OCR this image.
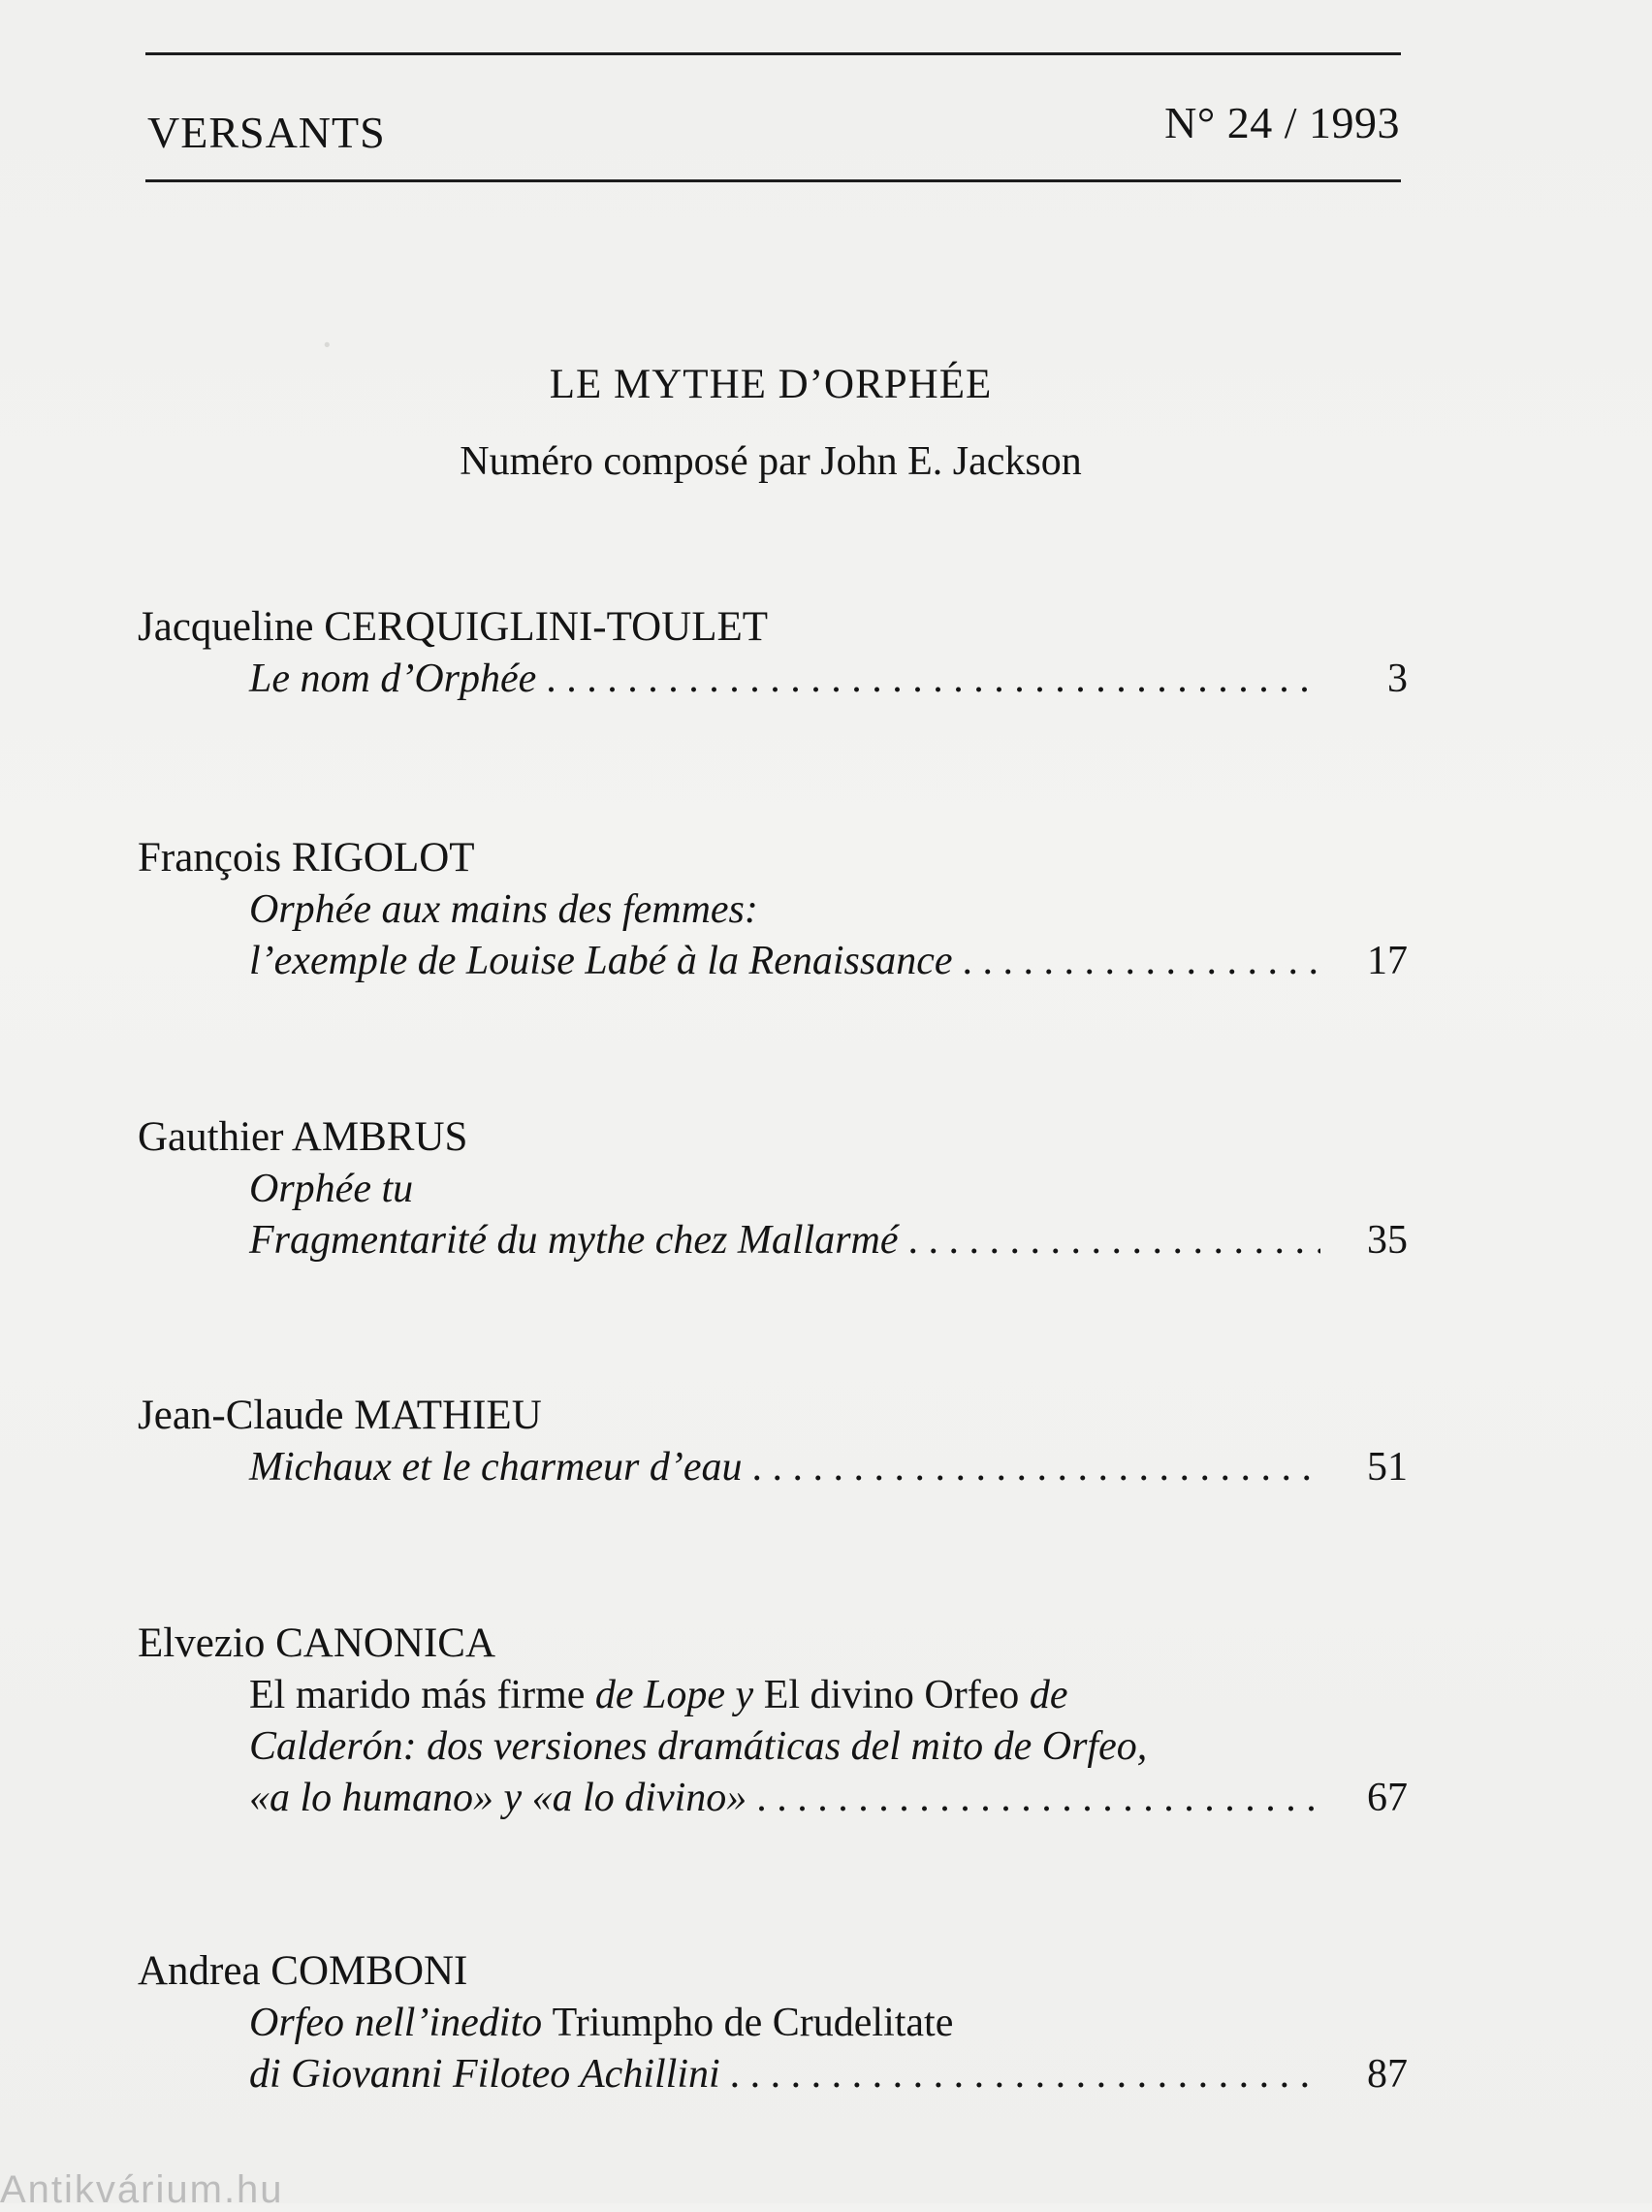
·
VERSANTS	N° 24 / 1993
LE MYTHE D’ORPHÉE
Numéro composé par John E. Jackson

Jacqueline CERQUIGLINI-TOULET

Le nom d’Orphée . . .	3

François RIGOLOT

Orphée aux mains des femmes:
l’exemple de Louise Labé à la Renaissance . . .	17

Gauthier AMBRUS

Orphée tu
Fragmentarité du mythe chez Mallarmé . . .	35

Jean-Claude MATHIEU

Michaux et le charmeur d’eau . . .	51

Elvezio CANONICA

El marido más firme de Lope y El divino Orfeo de
Calderón: dos versiones dramáticas del mito de Orfeo,
«a lo humano» y «a lo divino» . . .	67

Andrea COMBONI

Orfeo nell’inedito Triumpho de Crudelitate
di Giovanni Filoteo Achillini . . .	87
Antikvárium.hu
